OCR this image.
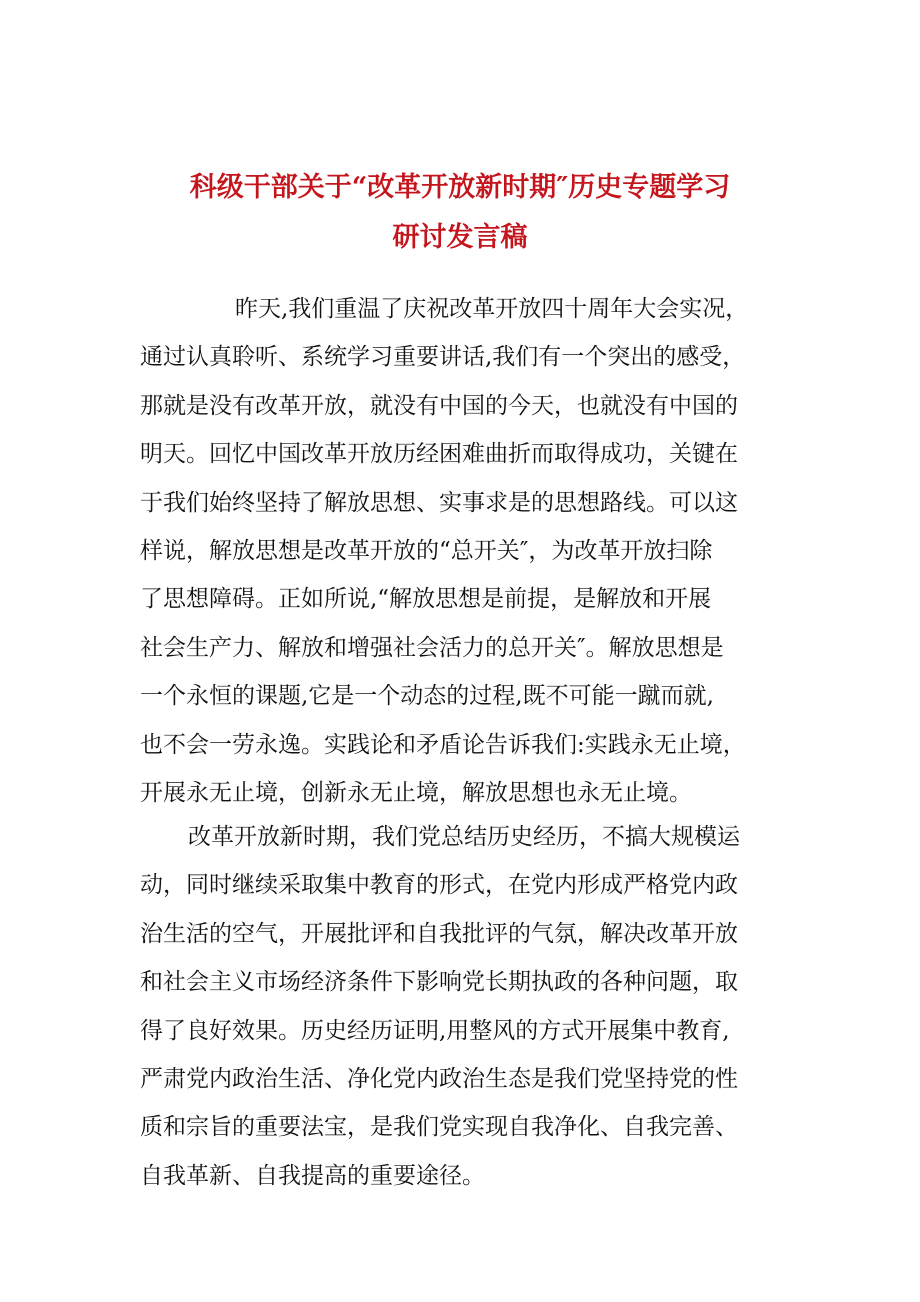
科级干部关于“改革开放新时期″历史专题学习
研讨发言稿
昨天,我们重温了庆祝改革开放四十周年大会实况，
通过认真聆听、系统学习重要讲话,我们有一个突出的感受，
那就是没有改革开放，就没有中国的今天，也就没有中国的
明天。回忆中国改革开放历经困难曲折而取得成功，关键在
于我们始终坚持了解放思想、实事求是的思想路线。可以这
样说，解放思想是改革开放的“总开关″，为改革开放扫除
了思想障碍。正如所说,“解放思想是前提，是解放和开展
社会生产力、解放和增强社会活力的总开关″。解放思想是
一个永恒的课题,它是一个动态的过程,既不可能一蹴而就,
也不会一劳永逸。实践论和矛盾论告诉我们:实践永无止境，
开展永无止境，创新永无止境，解放思想也永无止境。
改革开放新时期，我们党总结历史经历，不搞大规模运
动，同时继续采取集中教育的形式，在党内形成严格党内政
治生活的空气，开展批评和自我批评的气氛，解决改革开放
和社会主义市场经济条件下影响党长期执政的各种问题，取
得了良好效果。历史经历证明,用整风的方式开展集中教育,
严肃党内政治生活、净化党内政治生态是我们党坚持党的性
质和宗旨的重要法宝，是我们党实现自我净化、自我完善、
自我革新、自我提高的重要途径。
